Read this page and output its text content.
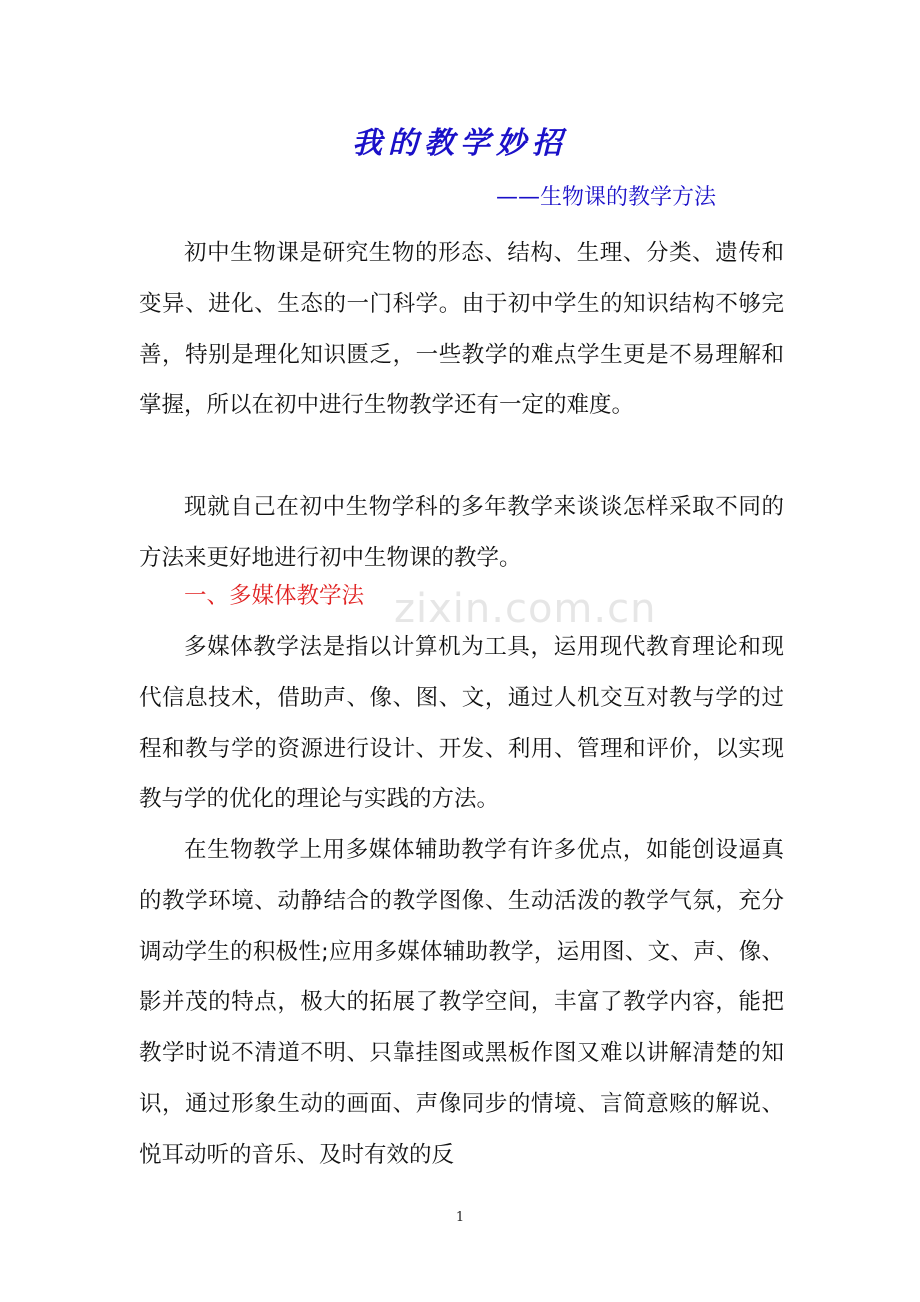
我的教学妙招
——生物课的教学方法
初中生物课是研究生物的形态、结构、生理、分类、遗传和变异、进化、生态的一门科学。由于初中学生的知识结构不够完善，特别是理化知识匮乏，一些教学的难点学生更是不易理解和掌握，所以在初中进行生物教学还有一定的难度。
现就自己在初中生物学科的多年教学来谈谈怎样采取不同的方法来更好地进行初中生物课的教学。
一、多媒体教学法 zixin.com.cn
多媒体教学法是指以计算机为工具，运用现代教育理论和现代信息技术，借助声、像、图、文，通过人机交互对教与学的过程和教与学的资源进行设计、开发、利用、管理和评价，以实现教与学的优化的理论与实践的方法。
在生物教学上用多媒体辅助教学有许多优点，如能创设逼真的教学环境、动静结合的教学图像、生动活泼的教学气氛，充分调动学生的积极性;应用多媒体辅助教学，运用图、文、声、像、影并茂的特点，极大的拓展了教学空间，丰富了教学内容，能把教学时说不清道不明、只靠挂图或黑板作图又难以讲解清楚的知识，通过形象生动的画面、声像同步的情境、言简意赅的解说、悦耳动听的音乐、及时有效的反
1
